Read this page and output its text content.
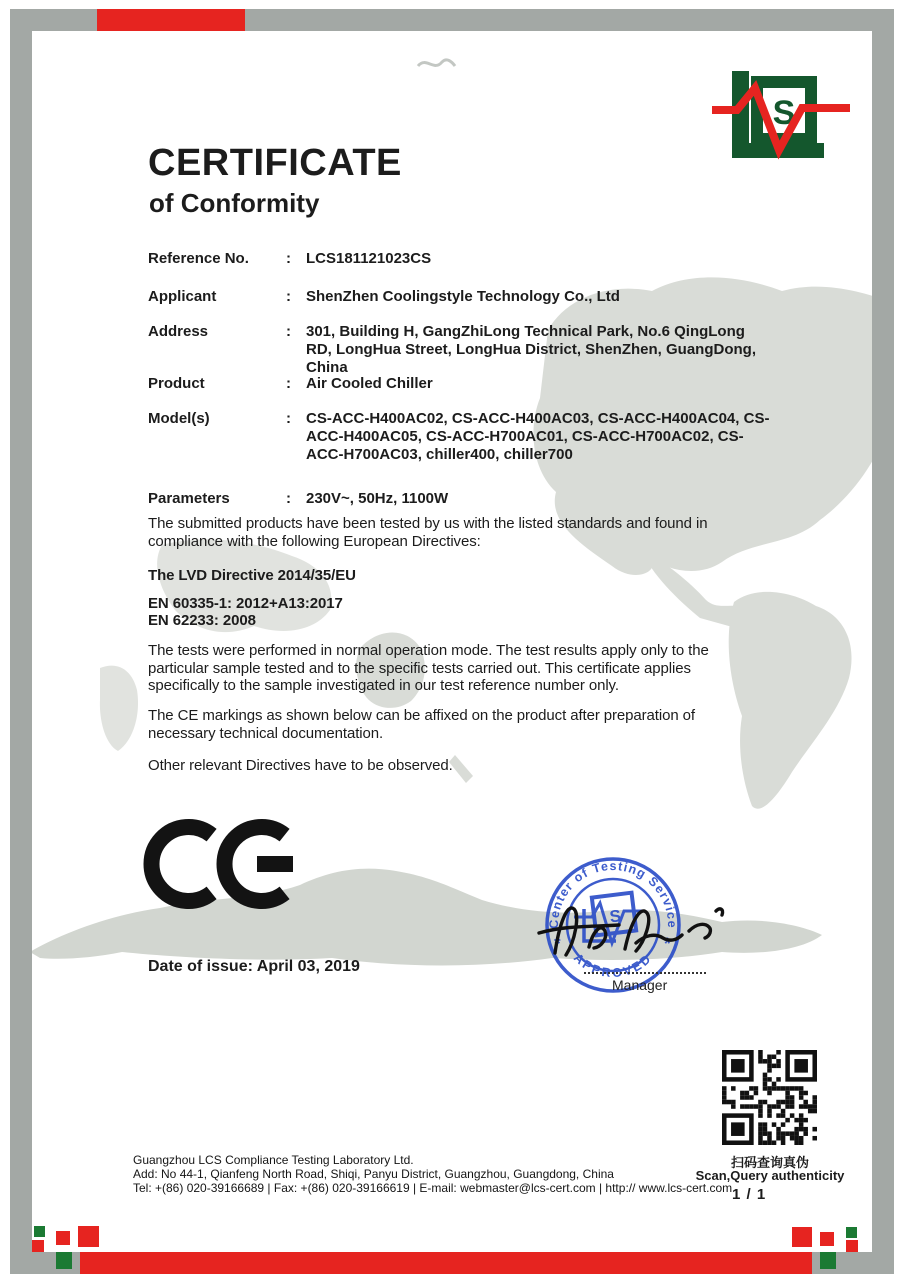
S
CERTIFICATE
of Conformity
Reference No.	:	LCS181121023CS
Applicant	:	ShenZhen Coolingstyle Technology Co., Ltd
Address	:	301, Building H, GangZhiLong Technical Park, No.6 QingLong RD, LongHua Street, LongHua District, ShenZhen, GuangDong, China
Product	:	Air Cooled Chiller
Model(s)	:	CS-ACC-H400AC02, CS-ACC-H400AC03, CS-ACC-H400AC04, CS-ACC-H400AC05, CS-ACC-H700AC01, CS-ACC-H700AC02, CS-ACC-H700AC03, chiller400, chiller700
Parameters	:	230V~, 50Hz, 1100W
The submitted products have been tested by us with the listed standards and found in compliance with the following European Directives:
The LVD Directive 2014/35/EU
EN 60335-1: 2012+A13:2017
EN 62233: 2008
The tests were performed in normal operation mode. The test results apply only to the particular sample tested and to the specific tests carried out. This certificate applies specifically to the sample investigated in our test reference number only.
The CE markings as shown below can be affixed on the product after preparation of necessary technical documentation.
Other relevant Directives have to be observed.
Date of issue: April 03, 2019
Center of Testing Service
APPROVED
*	*
S
Manager
扫码查询真伪
Scan,Query authenticity
1 / 1
Guangzhou LCS Compliance Testing Laboratory Ltd.
Add: No 44-1, Qianfeng North Road, Shiqi, Panyu District, Guangzhou, Guangdong, China
Tel: +(86) 020-39166689 | Fax: +(86) 020-39166619 | E-mail: webmaster@lcs-cert.com | http:// www.lcs-cert.com
